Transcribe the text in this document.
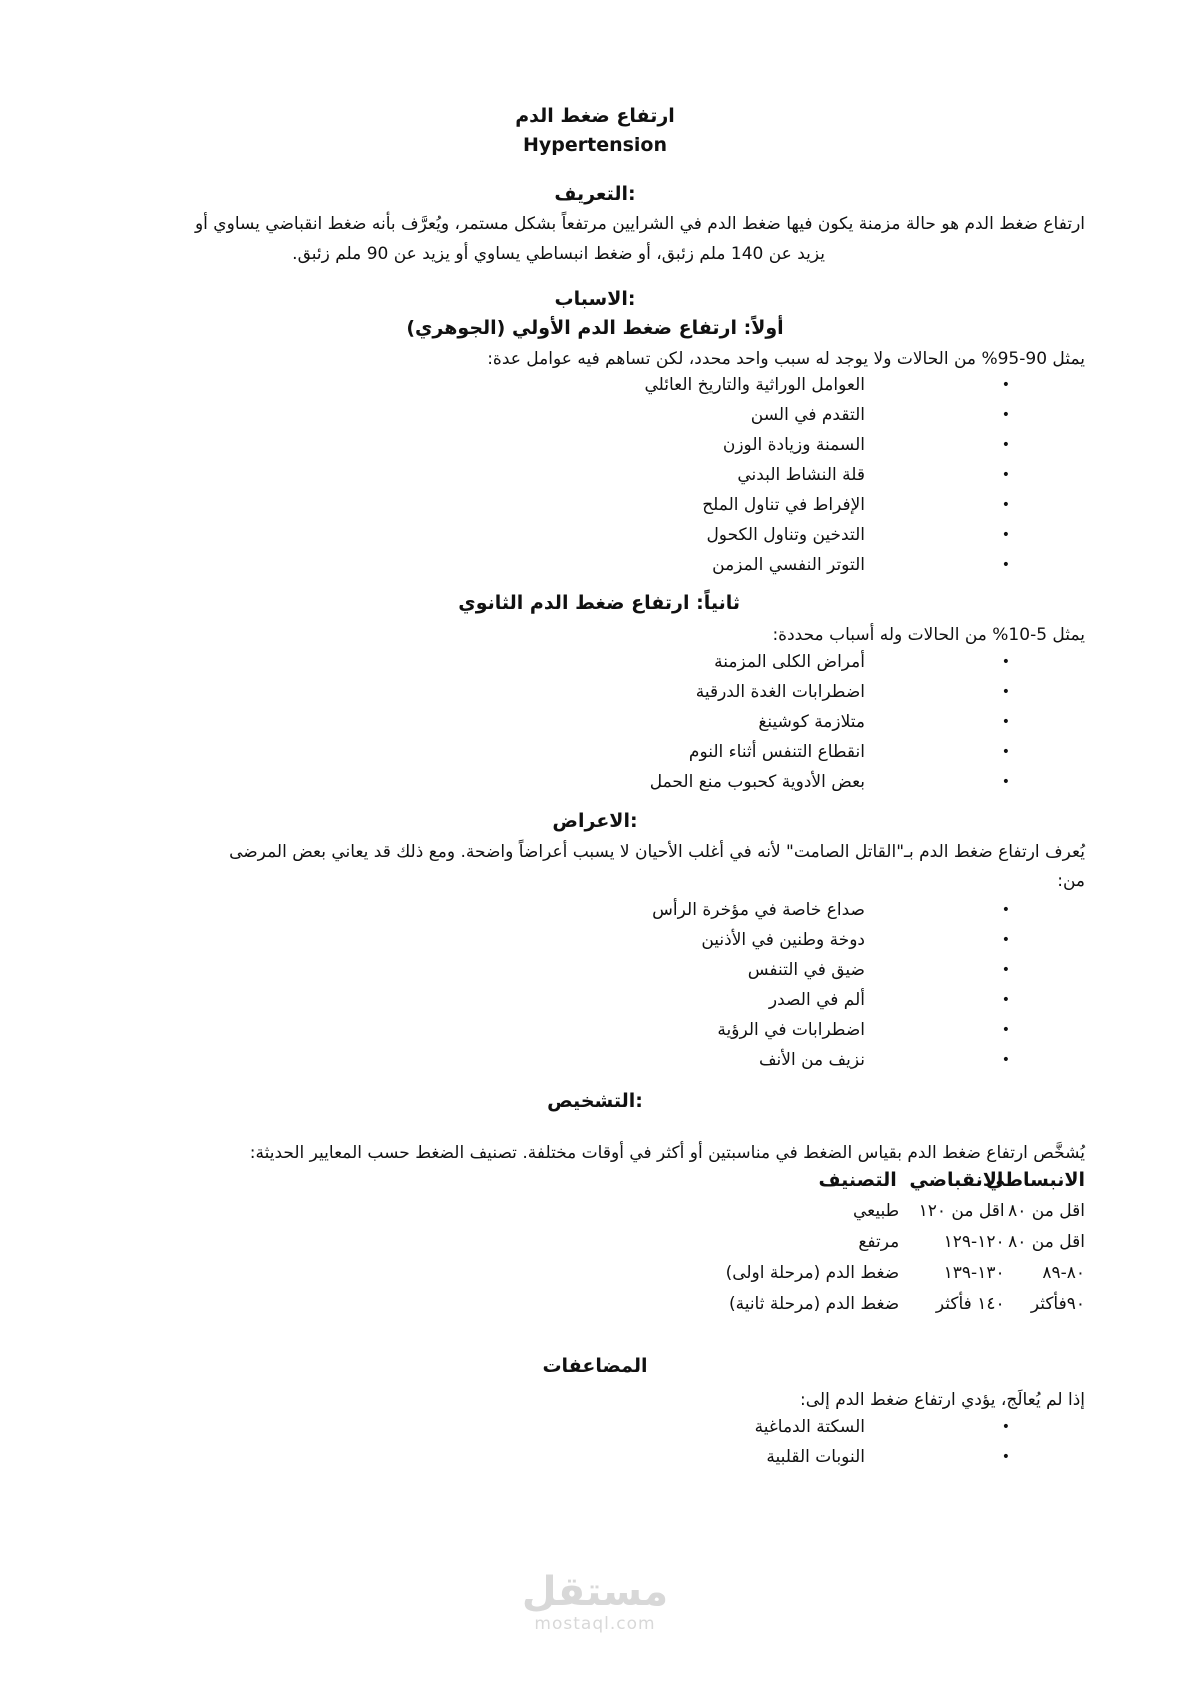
ارتفاع ضغط الدم
Hypertension
التعريف:
ارتفاع ضغط الدم هو حالة مزمنة يكون فيها ضغط الدم في الشرايين مرتفعاً بشكل مستمر، ويُعرَّف بأنه ضغط انقباضي يساوي أو
يزيد عن 140 ملم زئبق، أو ضغط انبساطي يساوي أو يزيد عن 90 ملم زئبق.
الاسباب:
أولاً: ارتفاع ضغط الدم الأولي (الجوهري)
يمثل 90-95% من الحالات ولا يوجد له سبب واحد محدد، لكن تساهم فيه عوامل عدة:
•
العوامل الوراثية والتاريخ العائلي
•
التقدم في السن
•
السمنة وزيادة الوزن
•
قلة النشاط البدني
•
الإفراط في تناول الملح
•
التدخين وتناول الكحول
•
التوتر النفسي المزمن
ثانياً: ارتفاع ضغط الدم الثانوي
يمثل 5-10% من الحالات وله أسباب محددة:
•
أمراض الكلى المزمنة
•
اضطرابات الغدة الدرقية
•
متلازمة كوشينغ
•
انقطاع التنفس أثناء النوم
•
بعض الأدوية كحبوب منع الحمل
الاعراض:
يُعرف ارتفاع ضغط الدم بـ"القاتل الصامت" لأنه في أغلب الأحيان لا يسبب أعراضاً واضحة. ومع ذلك قد يعاني بعض المرضى
من:
•
صداع خاصة في مؤخرة الرأس
•
دوخة وطنين في الأذنين
•
ضيق في التنفس
•
ألم في الصدر
•
اضطرابات في الرؤية
•
نزيف من الأنف
التشخيص:
يُشخَّص ارتفاع ضغط الدم بقياس الضغط في مناسبتين أو أكثر في أوقات مختلفة. تصنيف الضغط حسب المعايير الحديثة:
الانبساطي الانقباضي التصنيف
اقل من ٨٠ اقل من ١٢٠ طبيعي
اقل من ٨٠ ١٢٠-١٢٩ مرتفع
٨٠-٨٩ ١٣٠-١٣٩ ضغط الدم (مرحلة اولى)
٩٠فأكثر ١٤٠ فأكثر ضغط الدم (مرحلة ثانية)
المضاعفات
إذا لم يُعالَج، يؤدي ارتفاع ضغط الدم إلى:
•
السكتة الدماغية
•
النوبات القلبية
مستقل
mostaql.com
